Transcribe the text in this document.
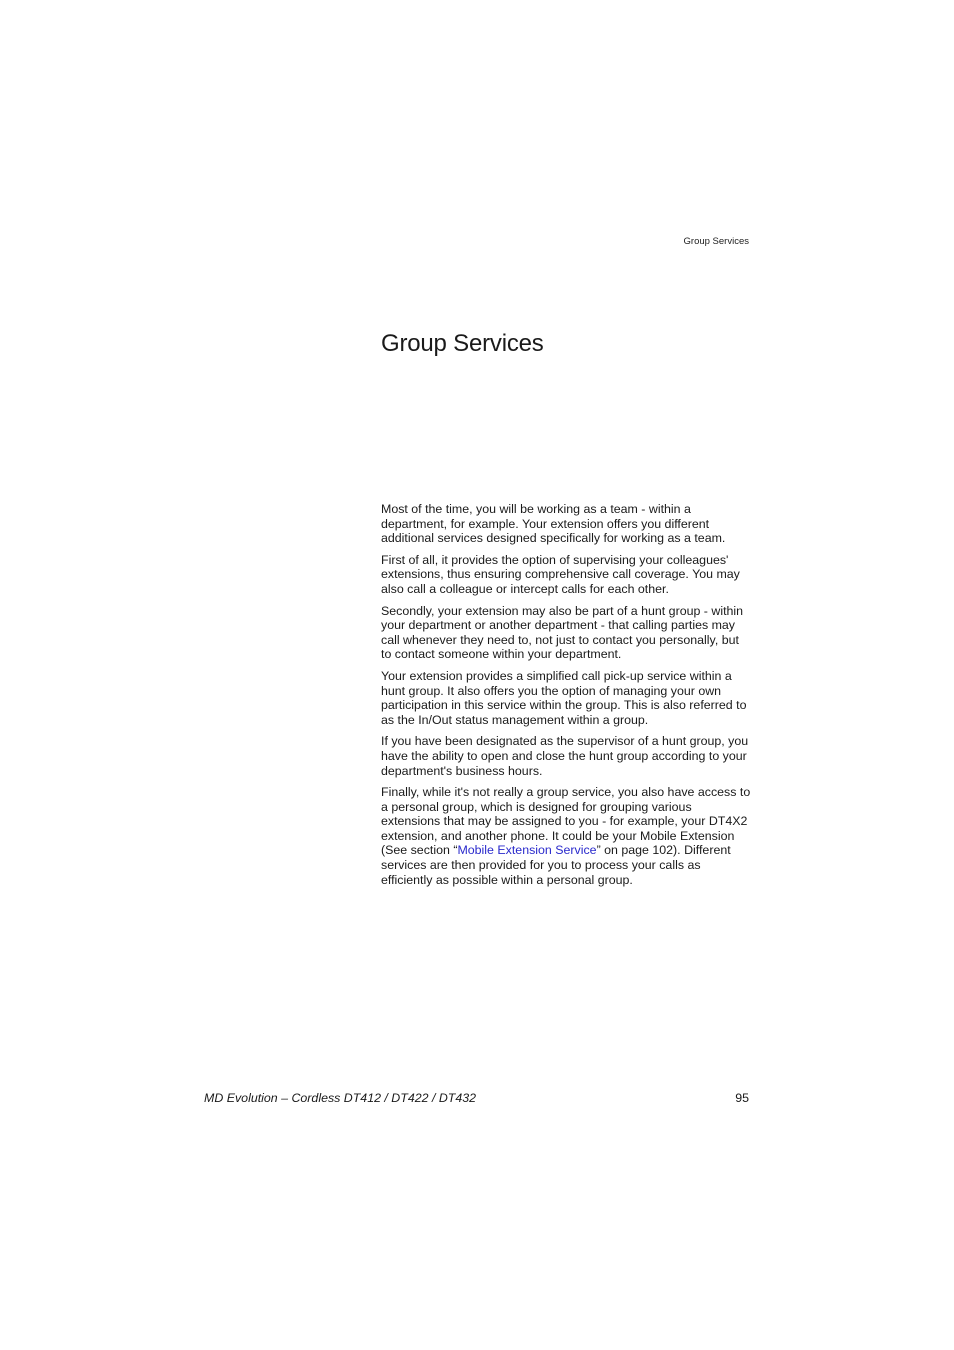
Group Services
Group Services

Most of the time, you will be working as a team - within a department, for example. Your extension offers you different additional services designed specifically for working as a team.

First of all, it provides the option of supervising your colleagues' extensions, thus ensuring comprehensive call coverage. You may also call a colleague or intercept calls for each other.

Secondly, your extension may also be part of a hunt group - within your department or another department - that calling parties may call whenever they need to, not just to contact you personally, but to contact someone within your department.

Your extension provides a simplified call pick-up service within a hunt group. It also offers you the option of managing your own participation in this service within the group. This is also referred to as the In/Out status management within a group.

If you have been designated as the supervisor of a hunt group, you have the ability to open and close the hunt group according to your department's business hours.

Finally, while it's not really a group service, you also have access to a personal group, which is designed for grouping various extensions that may be assigned to you - for example, your DT4X2 extension, and another phone. It could be your Mobile Extension (See section “Mobile Extension Service” on page 102). Different services are then provided for you to process your calls as efficiently as possible within a personal group.

MD Evolution – Cordless DT412 / DT422 / DT432	95
